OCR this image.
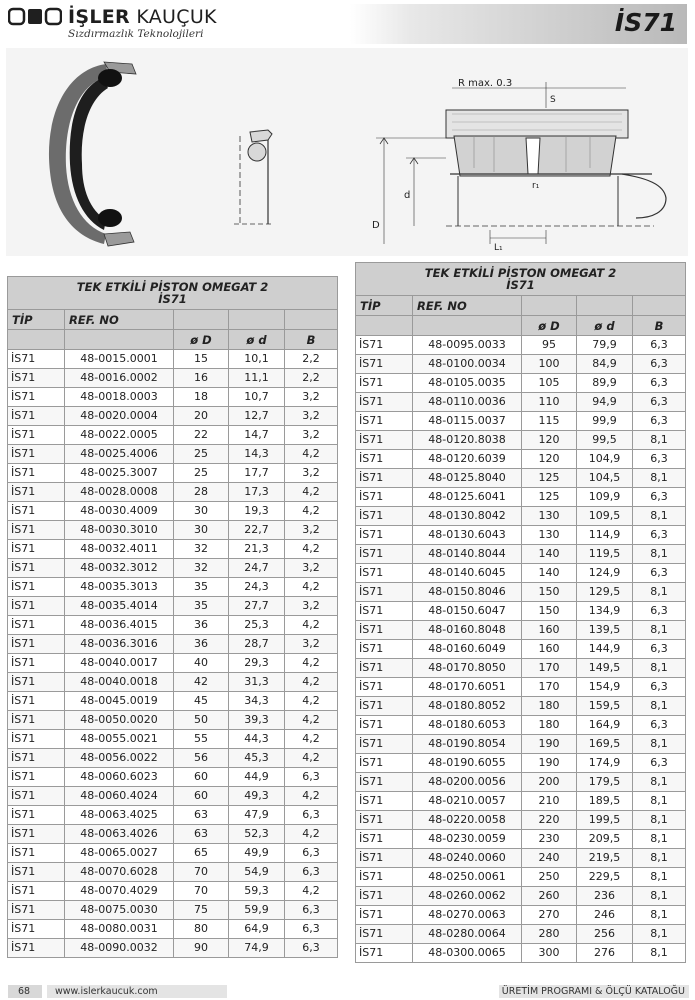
İŞLER KAUÇUK
Sızdırmazlık Teknolojileri	İS71
R max. 0.3
S
d
D
r₁
L₁
TEK ETKİLİ PİSTON OMEGAT 2
İS71				
TİP	REF. NO			
		ø D	ø d	B
İS71	48-0015.0001	15	10,1	2,2
İS71	48-0016.0002	16	11,1	2,2
İS71	48-0018.0003	18	10,7	3,2
İS71	48-0020.0004	20	12,7	3,2
İS71	48-0022.0005	22	14,7	3,2
İS71	48-0025.4006	25	14,3	4,2
İS71	48-0025.3007	25	17,7	3,2
İS71	48-0028.0008	28	17,3	4,2
İS71	48-0030.4009	30	19,3	4,2
İS71	48-0030.3010	30	22,7	3,2
İS71	48-0032.4011	32	21,3	4,2
İS71	48-0032.3012	32	24,7	3,2
İS71	48-0035.3013	35	24,3	4,2
İS71	48-0035.4014	35	27,7	3,2
İS71	48-0036.4015	36	25,3	4,2
İS71	48-0036.3016	36	28,7	3,2
İS71	48-0040.0017	40	29,3	4,2
İS71	48-0040.0018	42	31,3	4,2
İS71	48-0045.0019	45	34,3	4,2
İS71	48-0050.0020	50	39,3	4,2
İS71	48-0055.0021	55	44,3	4,2
İS71	48-0056.0022	56	45,3	4,2
İS71	48-0060.6023	60	44,9	6,3
İS71	48-0060.4024	60	49,3	4,2
İS71	48-0063.4025	63	47,9	6,3
İS71	48-0063.4026	63	52,3	4,2
İS71	48-0065.0027	65	49,9	6,3
İS71	48-0070.6028	70	54,9	6,3
İS71	48-0070.4029	70	59,3	4,2
İS71	48-0075.0030	75	59,9	6,3
İS71	48-0080.0031	80	64,9	6,3
İS71	48-0090.0032	90	74,9	6,3
TEK ETKİLİ PİSTON OMEGAT 2
İS71				
TİP	REF. NO			
		ø D	ø d	B
İS71	48-0095.0033	95	79,9	6,3
İS71	48-0100.0034	100	84,9	6,3
İS71	48-0105.0035	105	89,9	6,3
İS71	48-0110.0036	110	94,9	6,3
İS71	48-0115.0037	115	99,9	6,3
İS71	48-0120.8038	120	99,5	8,1
İS71	48-0120.6039	120	104,9	6,3
İS71	48-0125.8040	125	104,5	8,1
İS71	48-0125.6041	125	109,9	6,3
İS71	48-0130.8042	130	109,5	8,1
İS71	48-0130.6043	130	114,9	6,3
İS71	48-0140.8044	140	119,5	8,1
İS71	48-0140.6045	140	124,9	6,3
İS71	48-0150.8046	150	129,5	8,1
İS71	48-0150.6047	150	134,9	6,3
İS71	48-0160.8048	160	139,5	8,1
İS71	48-0160.6049	160	144,9	6,3
İS71	48-0170.8050	170	149,5	8,1
İS71	48-0170.6051	170	154,9	6,3
İS71	48-0180.8052	180	159,5	8,1
İS71	48-0180.6053	180	164,9	6,3
İS71	48-0190.8054	190	169,5	8,1
İS71	48-0190.6055	190	174,9	6,3
İS71	48-0200.0056	200	179,5	8,1
İS71	48-0210.0057	210	189,5	8,1
İS71	48-0220.0058	220	199,5	8,1
İS71	48-0230.0059	230	209,5	8,1
İS71	48-0240.0060	240	219,5	8,1
İS71	48-0250.0061	250	229,5	8,1
İS71	48-0260.0062	260	236	8,1
İS71	48-0270.0063	270	246	8,1
İS71	48-0280.0064	280	256	8,1
İS71	48-0300.0065	300	276	8,1
68	www.islerkaucuk.com	ÜRETİM PROGRAMI & ÖLÇÜ KATALOĞU
